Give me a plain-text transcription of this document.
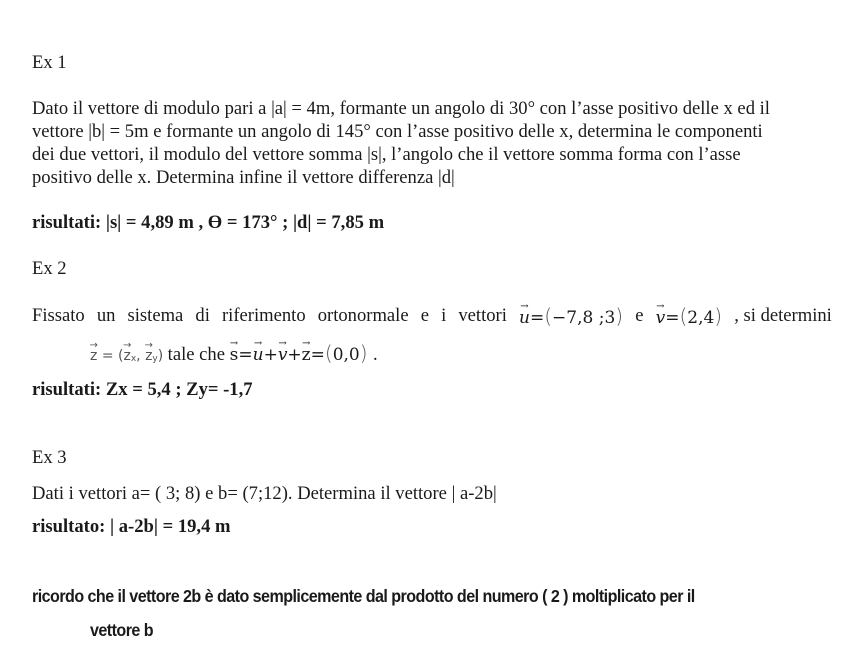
Ex 1
Dato il vettore di modulo pari a |a| = 4m, formante un angolo di 30° con l’asse positivo delle x ed il
vettore |b| = 5m e formante un angolo di 145° con l’asse positivo delle x, determina le componenti
dei due vettori, il modulo del vettore somma |s|, l’angolo che il vettore somma forma con l’asse
positivo delle x. Determina infine il vettore differenza |d|
risultati: |s| = 4,89 m , ϴ = 173° ; |d| = 7,85 m
Ex 2
Fissato un sistema di riferimento ortonormale e i vettori → u=(−7,8 ;3) e → v=(2,4) , si determini
→ z = (→ zx, → zy) tale che → s=→ u+→ v+→ z=(0,0) .
risultati: Zx = 5,4 ; Zy= -1,7
Ex 3
Dati i vettori a= ( 3; 8) e b= (7;12). Determina il vettore | a-2b|
risultato: | a-2b| = 19,4 m
ricordo che il vettore 2b è dato semplicemente dal prodotto del numero ( 2 ) moltiplicato per il
vettore b
